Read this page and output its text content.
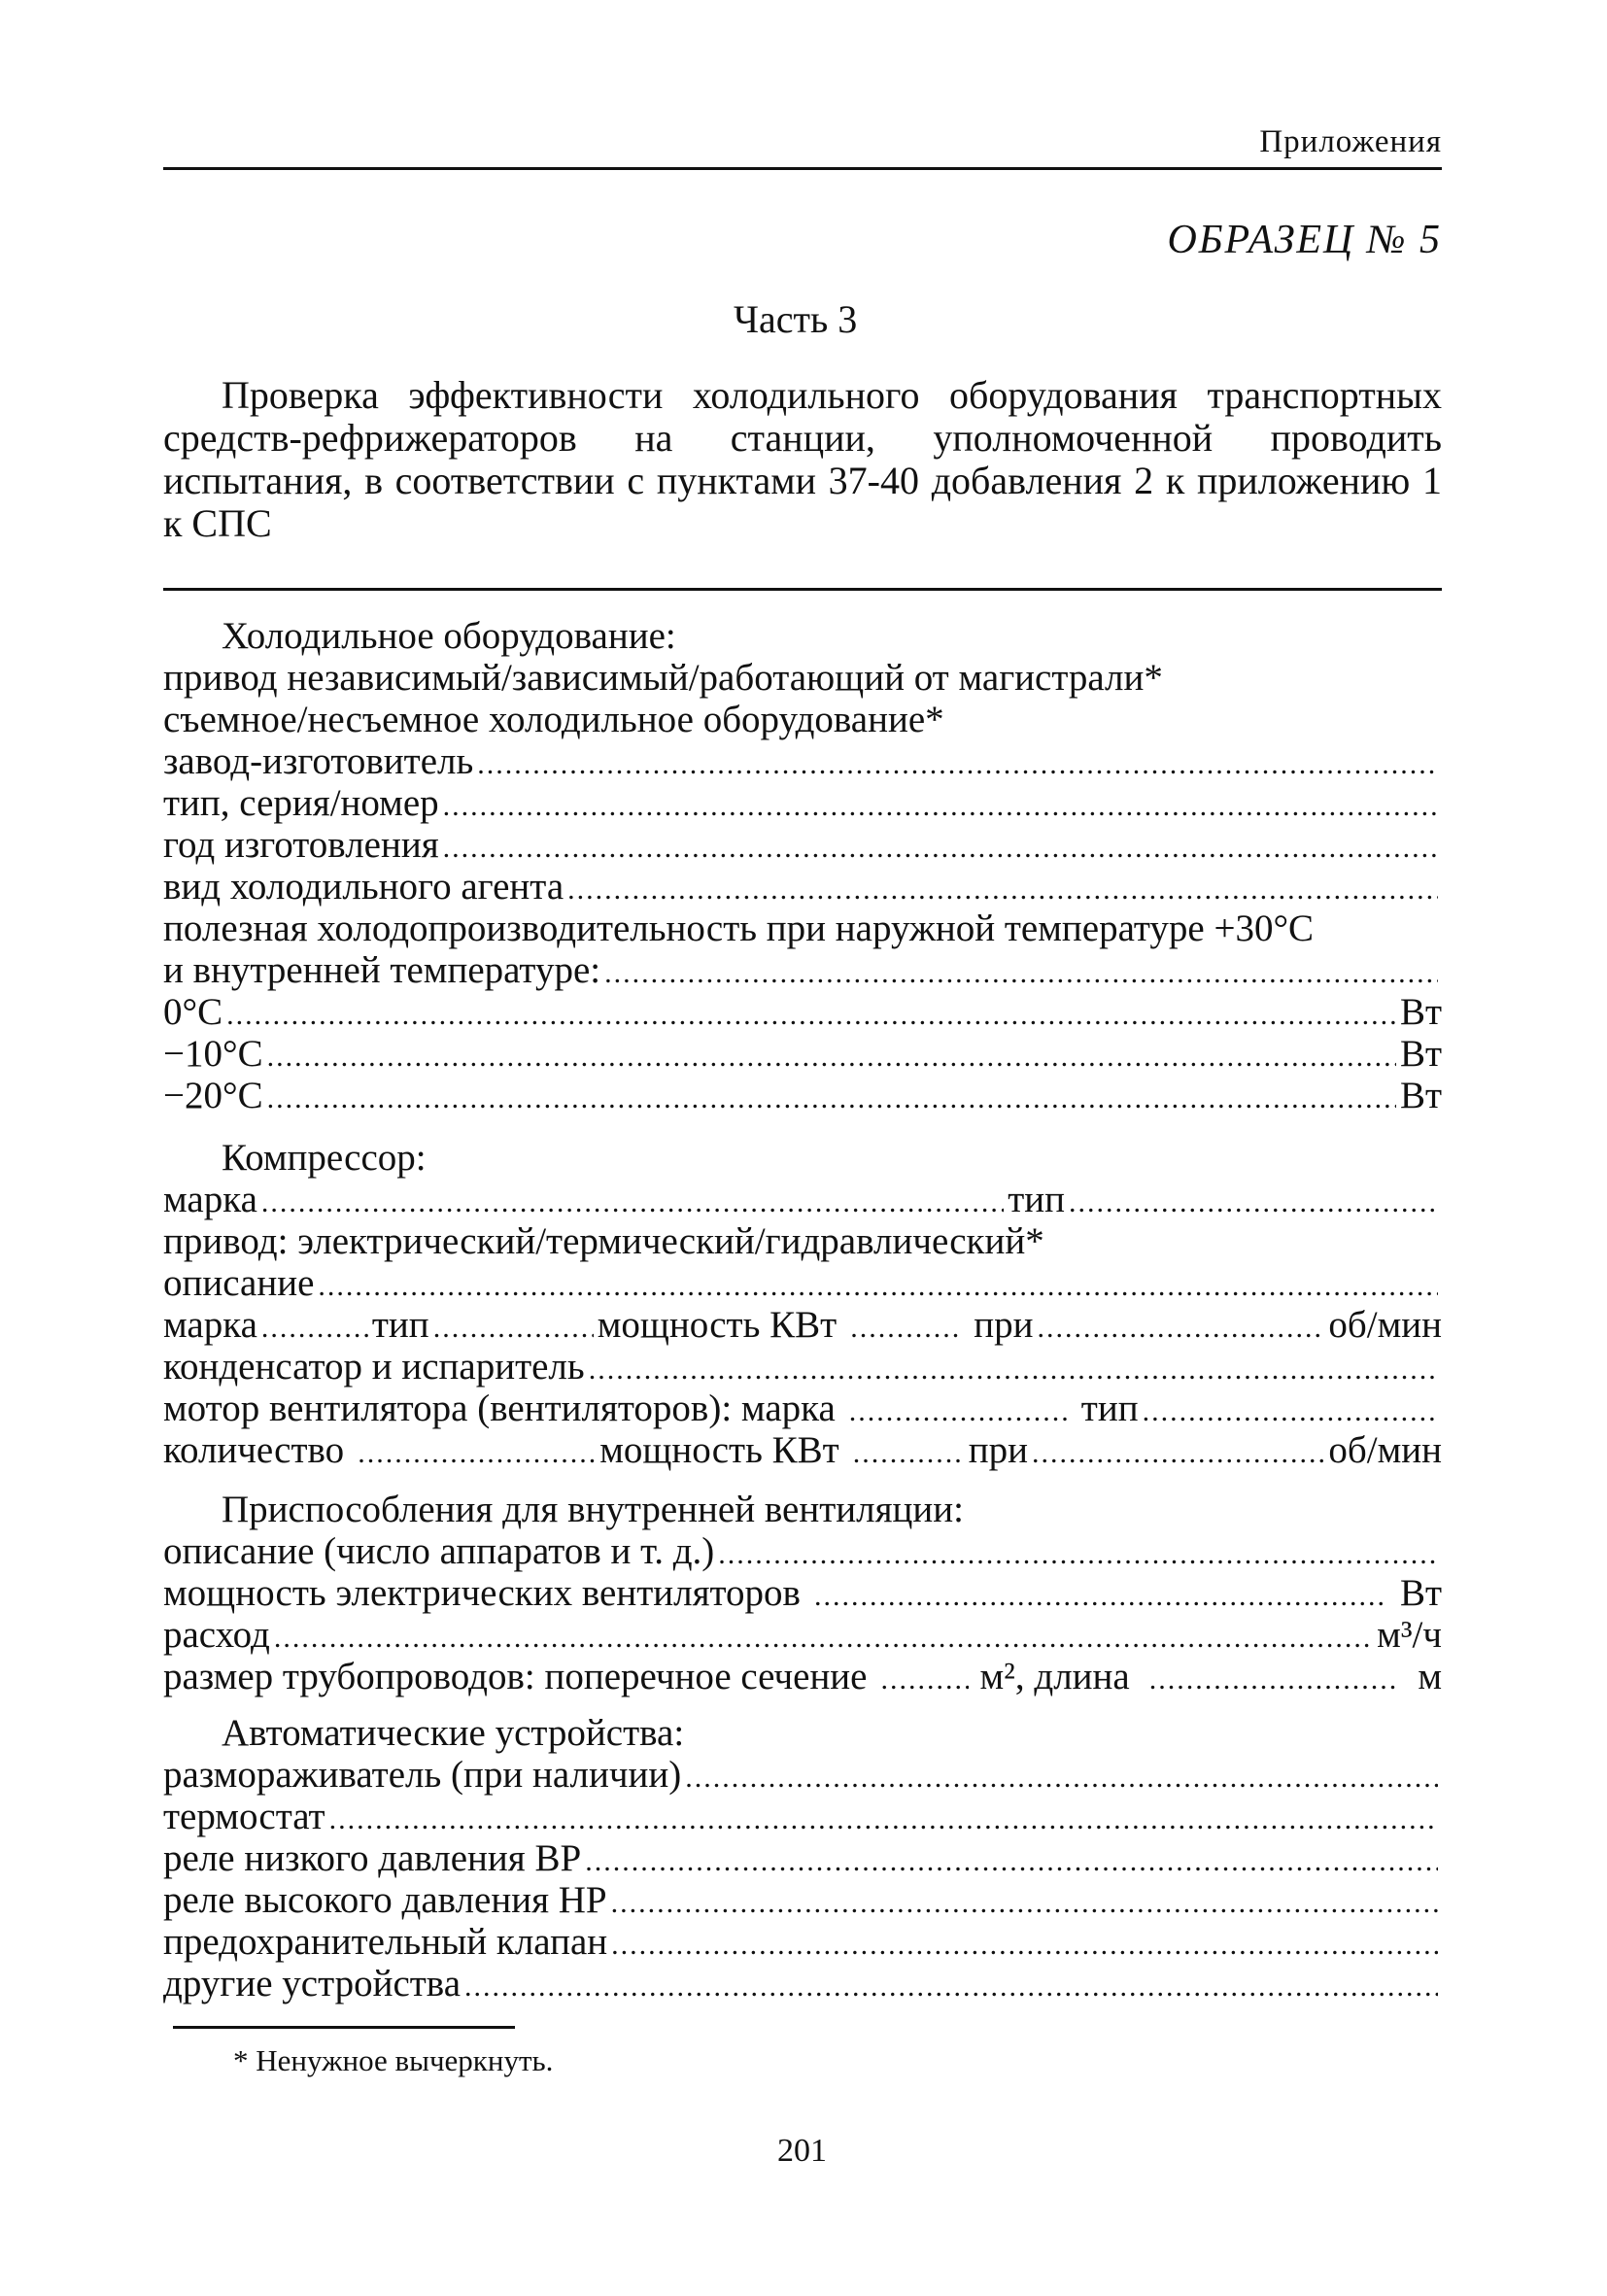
Приложения
ОБРАЗЕЦ № 5
Часть 3
Проверка эффективности холодильного оборудования транспортных средств-рефрижераторов на станции, уполномоченной проводить испытания, в соответствии с пунктами 37-40 добавления 2 к приложению 1 к СПС
Холодильное оборудование:
привод независимый/зависимый/работающий от магистрали*
съемное/несъемное холодильное оборудование*
завод-изготовитель
.....
тип, серия/номер
.....
год изготовления
.....
вид холодильного агента
.....
полезная холодопроизводительность при наружной температуре +30°С
и внутренней температуре:
.....
0°С .....	Вт
−10°С .....	Вт
−20°С .....	Вт
Компрессор:
марка .....	тип
.....
привод: электрический/термический/гидравлический*
описание
.....
марка .....	тип .....	мощность КВт .....	при .....	об/мин
конденсатор и испаритель
.....
мотор вентилятора (вентиляторов): марка .....	тип
.....
количество .....	мощность КВт .....	при .....	об/мин
Приспособления для внутренней вентиляции:
описание (число аппаратов и т. д.)
.....
мощность электрических вентиляторов .....	Вт
расход .....	м³/ч
размер трубопроводов: поперечное сечение .....	м² , длина .....	м
Автоматические устройства:
размораживатель (при наличии)
.....
термостат
.....
реле низкого давления ВР
.....
реле высокого давления НР
.....
предохранительный клапан
.....
другие устройства
.....
* Ненужное вычеркнуть.
201
